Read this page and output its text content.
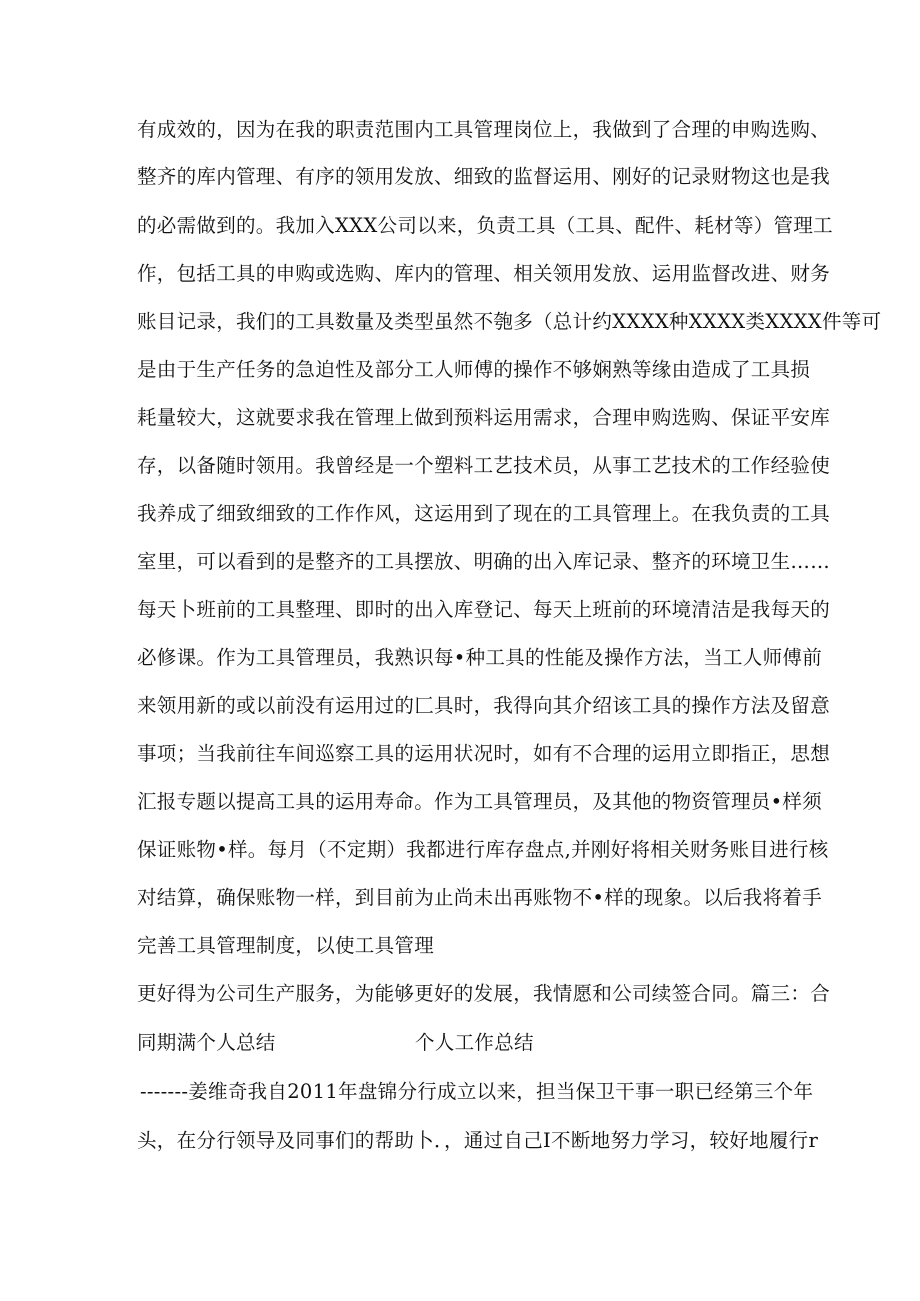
有成效的，因为在我的职责范围内工具管理岗位上，我做到了合理的申购选购、
整齐的库内管理、有序的领用发放、细致的监督运用、刚好的记录财物这也是我
的必需做到的。我加入XXX公司以来，负责工具（工具、配件、耗材等）管理工
作，包括工具的申购或选购、库内的管理、相关领用发放、运用监督改进、财务
账目记录，我们的工具数量及类型虽然不匏多（总计约XXXX种XXXX类XXXX件等可
是由于生产任务的急迫性及部分工人师傅的操作不够娴熟等缘由造成了工具损
耗量较大，这就要求我在管理上做到预料运用需求，合理申购选购、保证平安库
存，以备随时领用。我曾经是一个塑料工艺技术员，从事工艺技术的工作经验使
我养成了细致细致的工作作风，这运用到了现在的工具管理上。在我负责的工具
室里，可以看到的是整齐的工具摆放、明确的出入库记录、整齐的环境卫生……
每天卜班前的工具整理、即时的出入库登记、每天上班前的环境清洁是我每天的
必修课。作为工具管理员，我熟识每•种工具的性能及操作方法，当工人师傅前
来领用新的或以前没有运用过的匚具时，我得向其介绍该工具的操作方法及留意
事项；当我前往车间巡察工具的运用状况时，如有不合理的运用立即指正，思想
汇报专题以提高工具的运用寿命。作为工具管理员，及其他的物资管理员•样须
保证账物•样。每月（不定期）我都进行库存盘点,并刚好将相关财务账目进行核
对结算，确保账物一样，到目前为止尚未出再账物不•样的现象。以后我将着手
完善工具管理制度，以使工具管理
更好得为公司生产服务，为能够更好的发展，我情愿和公司续签合同。篇三：合
同期满个人总结	个人工作总结
-------姜维奇我自2011年盘锦分行成立以来，担当保卫干事一职已经第三个年
头，在分行领导及同事们的帮助卜．，通过自己I不断地努力学习，较好地履行r
